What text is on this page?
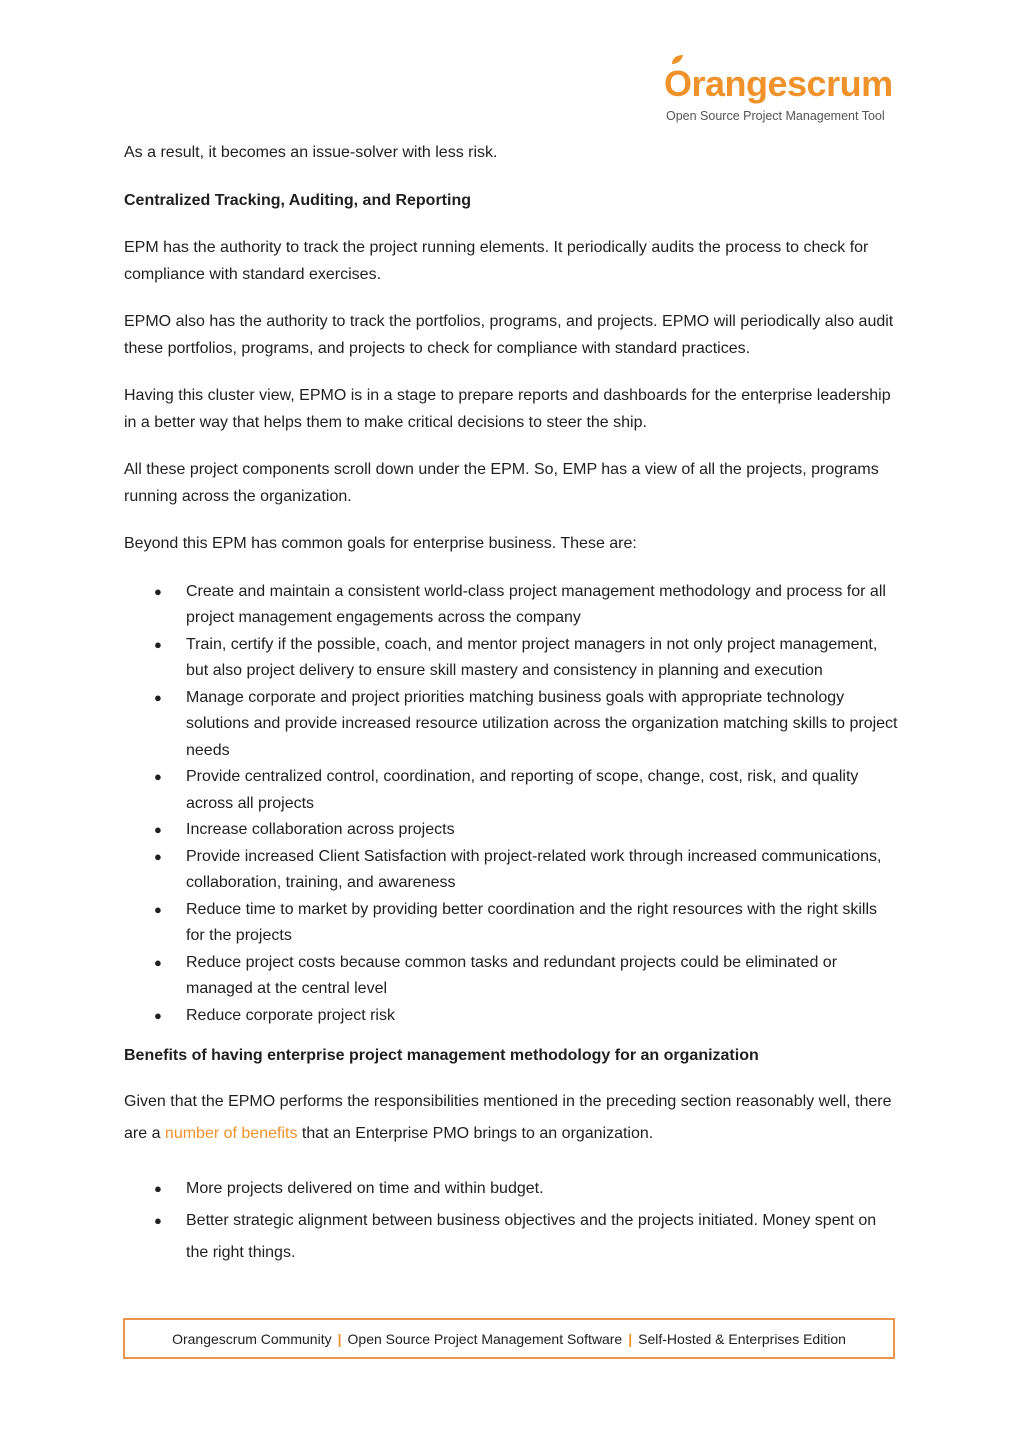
Orangescrum
Open Source Project Management Tool

As a result, it becomes an issue-solver with less risk.

Centralized Tracking, Auditing, and Reporting

EPM has the authority to track the project running elements. It periodically audits the process to check for compliance with standard exercises.

EPMO also has the authority to track the portfolios, programs, and projects. EPMO will periodically also audit these portfolios, programs, and projects to check for compliance with standard practices.

Having this cluster view, EPMO is in a stage to prepare reports and dashboards for the enterprise leadership in a better way that helps them to make critical decisions to steer the ship.

All these project components scroll down under the EPM. So, EMP has a view of all the projects, programs running across the organization.

Beyond this EPM has common goals for enterprise business. These are:

● Create and maintain a consistent world-class project management methodology and process for all project management engagements across the company
● Train, certify if the possible, coach, and mentor project managers in not only project management, but also project delivery to ensure skill mastery and consistency in planning and execution
● Manage corporate and project priorities matching business goals with appropriate technology solutions and provide increased resource utilization across the organization matching skills to project needs
● Provide centralized control, coordination, and reporting of scope, change, cost, risk, and quality across all projects
● Increase collaboration across projects
● Provide increased Client Satisfaction with project-related work through increased communications, collaboration, training, and awareness
● Reduce time to market by providing better coordination and the right resources with the right skills for the projects
● Reduce project costs because common tasks and redundant projects could be eliminated or managed at the central level
● Reduce corporate project risk
Benefits of having enterprise project management methodology for an organization

Given that the EPMO performs the responsibilities mentioned in the preceding section reasonably well, there are a number of benefits that an Enterprise PMO brings to an organization.

● More projects delivered on time and within budget.
● Better strategic alignment between business objectives and the projects initiated. Money spent on the right things.
Orangescrum Community | Open Source Project Management Software | Self-Hosted & Enterprises Edition
